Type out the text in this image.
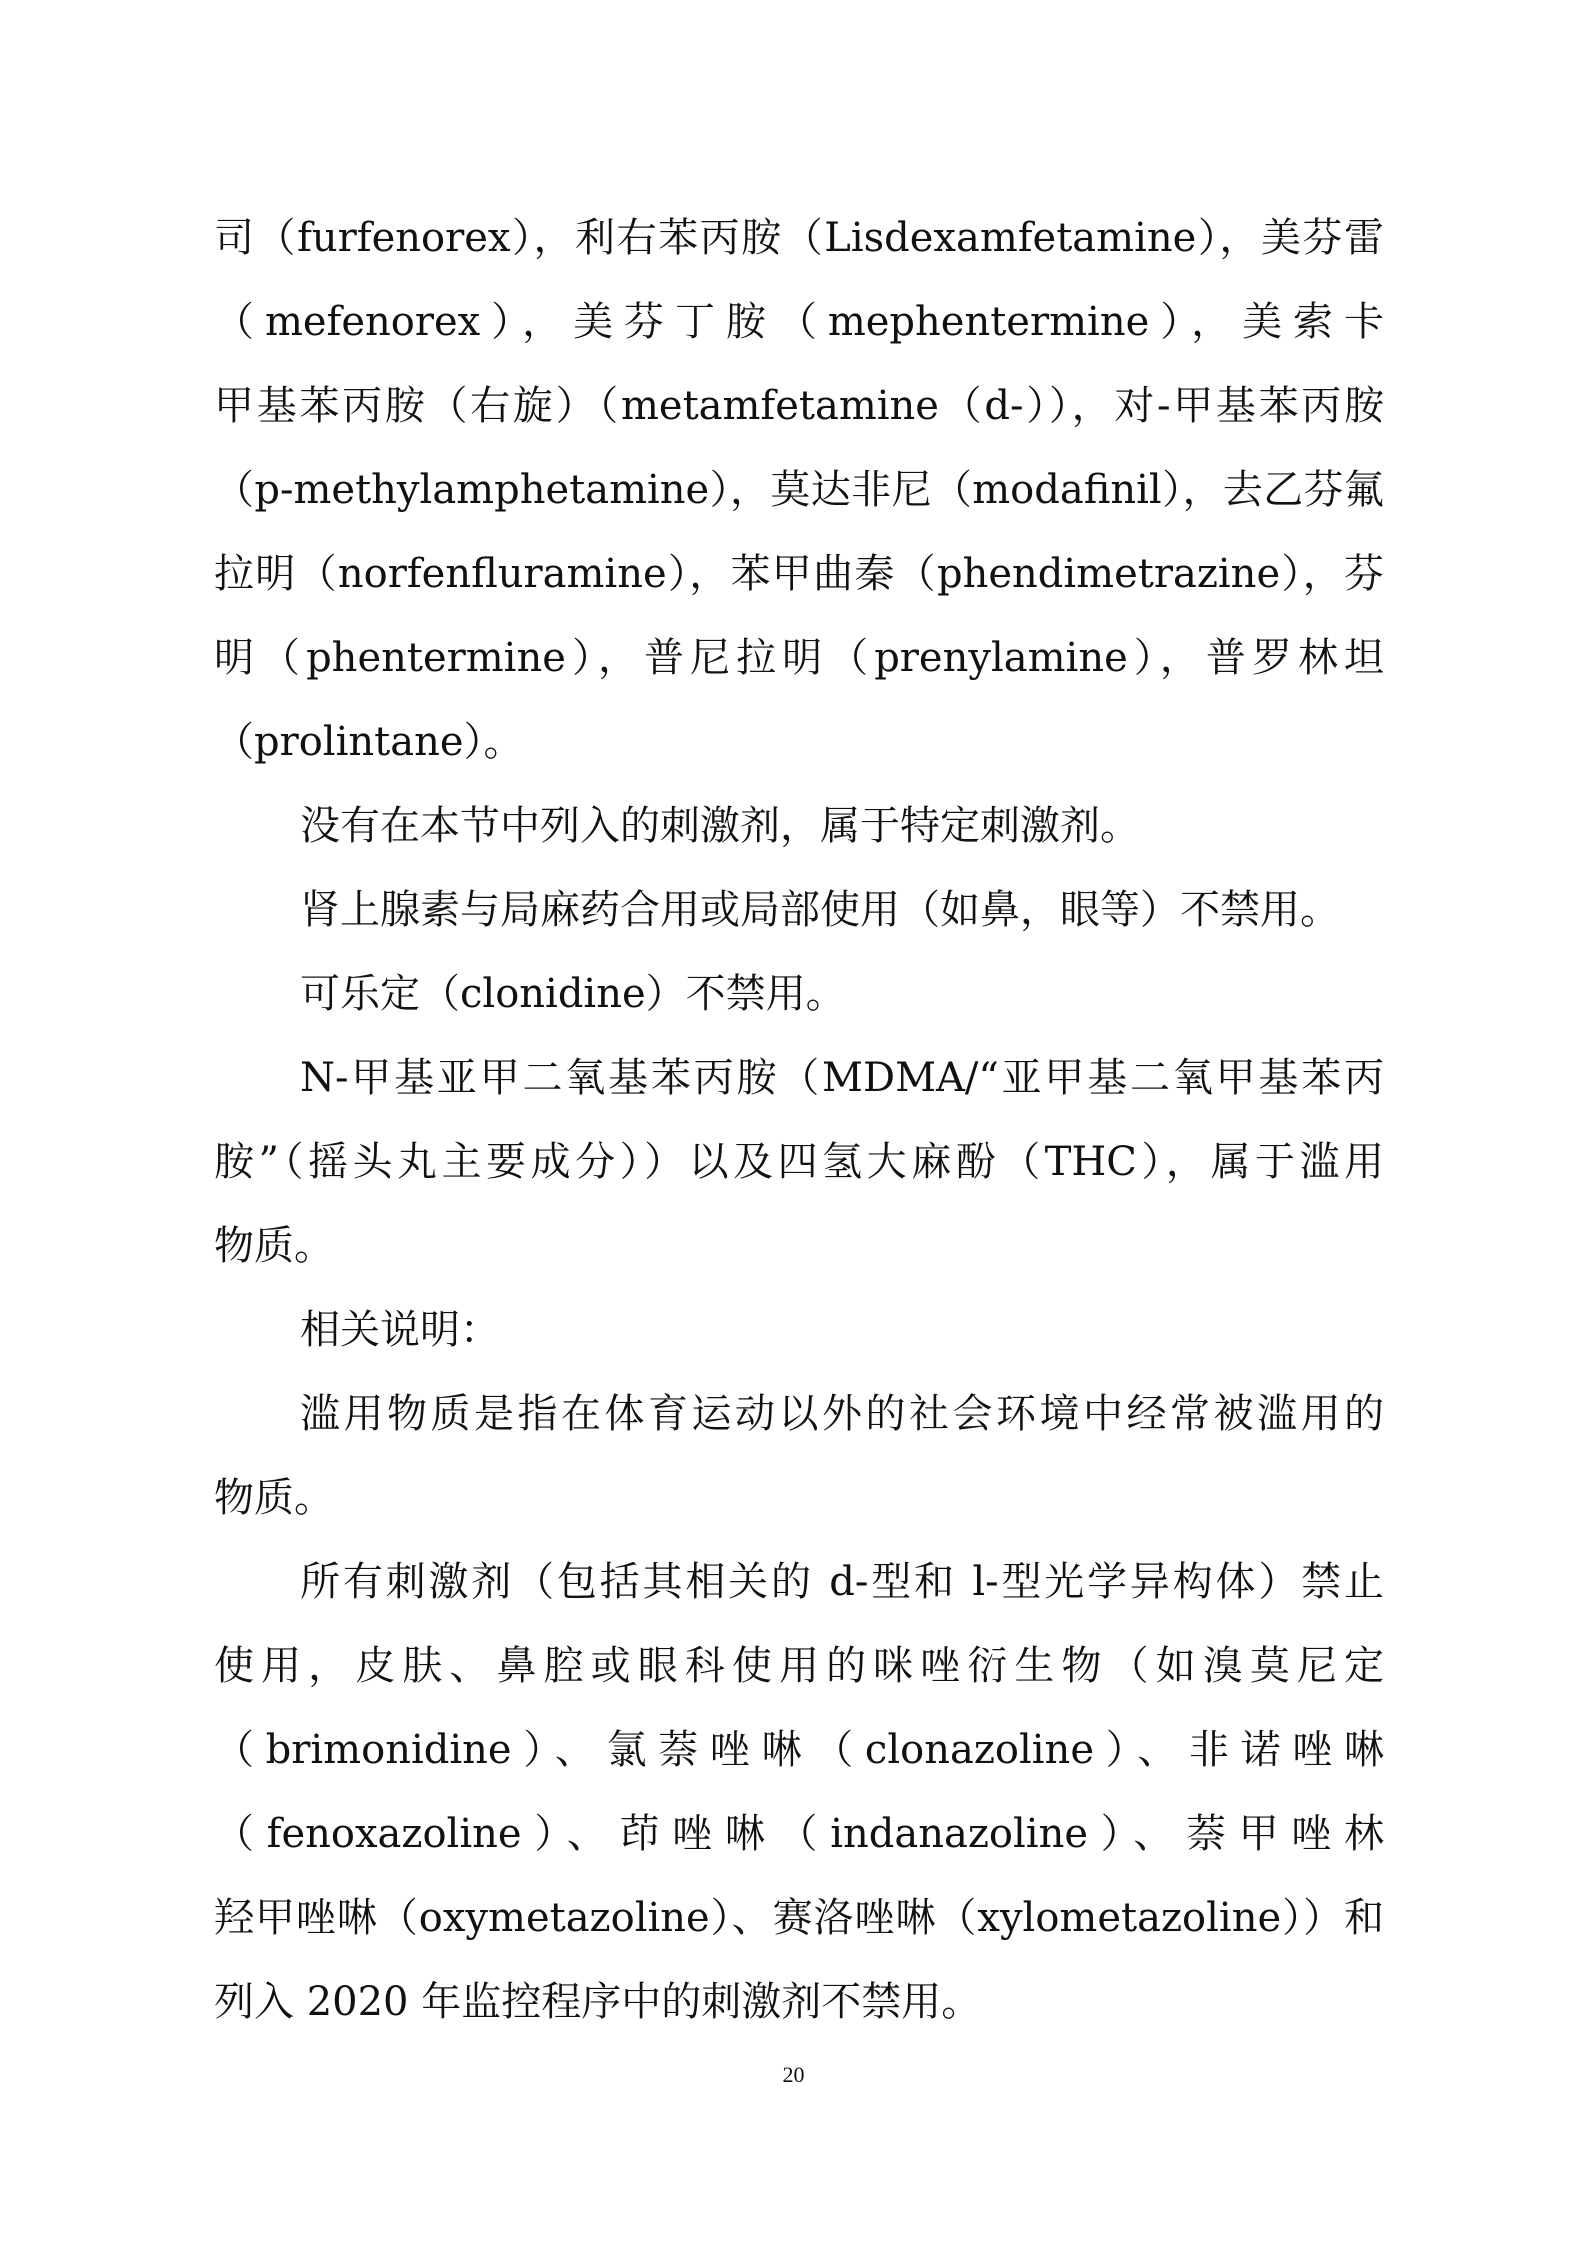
司（furfenorex），利右苯丙胺（Lisdexamfetamine），美芬雷
（mefenorex），美芬丁胺（mephentermine），美索卡
甲基苯丙胺（右旋）（metamfetamine（d-）），对-甲基苯丙胺
（p-methylamphetamine），莫达非尼（modafinil），去乙芬氟
拉明（norfenfluramine），苯甲曲秦（phendimetrazine），芬
明（phentermine），普尼拉明（prenylamine），普罗林坦
（prolintane）。
没有在本节中列入的刺激剂，属于特定刺激剂。
肾上腺素与局麻药合用或局部使用（如鼻，眼等）不禁用。
可乐定（clonidine）不禁用。
N-甲基亚甲二氧基苯丙胺（MDMA/“亚甲基二氧甲基苯丙
胺”（摇头丸主要成分））以及四氢大麻酚（THC），属于滥用
物质。
相关说明：
滥用物质是指在体育运动以外的社会环境中经常被滥用的
物质。
所有刺激剂（包括其相关的 d-型和 l-型光学异构体）禁止
使用，皮肤、鼻腔或眼科使用的咪唑衍生物（如溴莫尼定
（brimonidine）、氯萘唑啉（clonazoline）、非诺唑啉
（fenoxazoline）、茚唑啉（indanazoline）、萘甲唑林
羟甲唑啉（oxymetazoline）、赛洛唑啉（xylometazoline））和
列入 2020 年监控程序中的刺激剂不禁用。
20
